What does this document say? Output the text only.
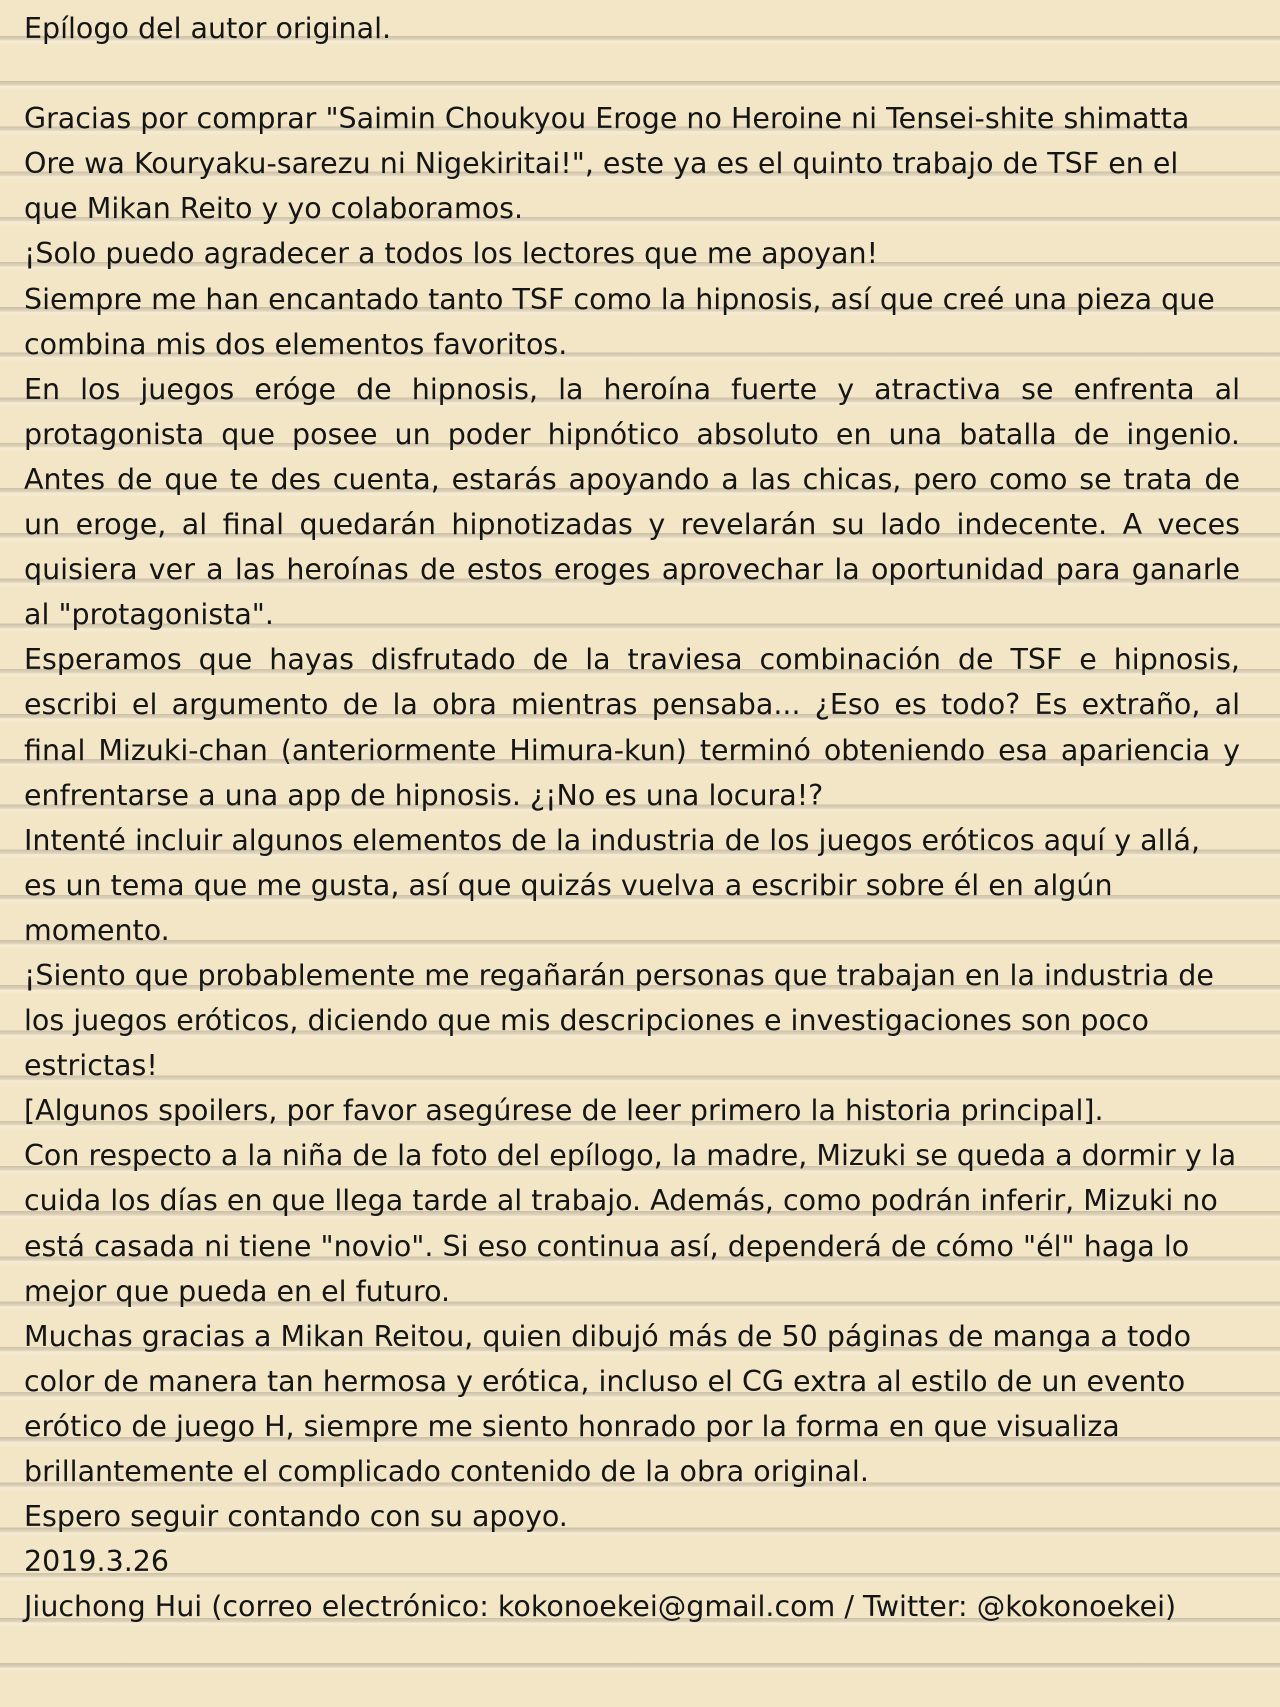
Epílogo del autor original.

Gracias por comprar "Saimin Choukyou Eroge no Heroine ni Tensei-shite shimatta Ore wa Kouryaku-sarezu ni Nigekiritai!", este ya es el quinto trabajo de TSF en el que Mikan Reito y yo colaboramos.

¡Solo puedo agradecer a todos los lectores que me apoyan!

Siempre me han encantado tanto TSF como la hipnosis, así que creé una pieza que combina mis dos elementos favoritos.

En los juegos eróge de hipnosis, la heroína fuerte y atractiva se enfrenta al protagonista que posee un poder hipnótico absoluto en una batalla de ingenio. Antes de que te des cuenta, estarás apoyando a las chicas, pero como se trata de un eroge, al final quedarán hipnotizadas y revelarán su lado indecente. A veces quisiera ver a las heroínas de estos eroges aprovechar la oportunidad para ganarle al "protagonista".

Esperamos que hayas disfrutado de la traviesa combinación de TSF e hipnosis, escribi el argumento de la obra mientras pensaba... ¿Eso es todo? Es extraño, al final Mizuki-chan (anteriormente Himura-kun) terminó obteniendo esa apariencia y enfrentarse a una app de hipnosis. ¿¡No es una locura!?

Intenté incluir algunos elementos de la industria de los juegos eróticos aquí y allá, es un tema que me gusta, así que quizás vuelva a escribir sobre él en algún momento.

¡Siento que probablemente me regañarán personas que trabajan en la industria de los juegos eróticos, diciendo que mis descripciones e investigaciones son poco estrictas!

[Algunos spoilers, por favor asegúrese de leer primero la historia principal].

Con respecto a la niña de la foto del epílogo, la madre, Mizuki se queda a dormir y la cuida los días en que llega tarde al trabajo. Además, como podrán inferir, Mizuki no está casada ni tiene "novio". Si eso continua así, dependerá de cómo "él" haga lo mejor que pueda en el futuro.

Muchas gracias a Mikan Reitou, quien dibujó más de 50 páginas de manga a todo color de manera tan hermosa y erótica, incluso el CG extra al estilo de un evento erótico de juego H, siempre me siento honrado por la forma en que visualiza brillantemente el complicado contenido de la obra original.

Espero seguir contando con su apoyo.

2019.3.26

Jiuchong Hui (correo electrónico: kokonoekei@gmail.com / Twitter: @kokonoekei)
